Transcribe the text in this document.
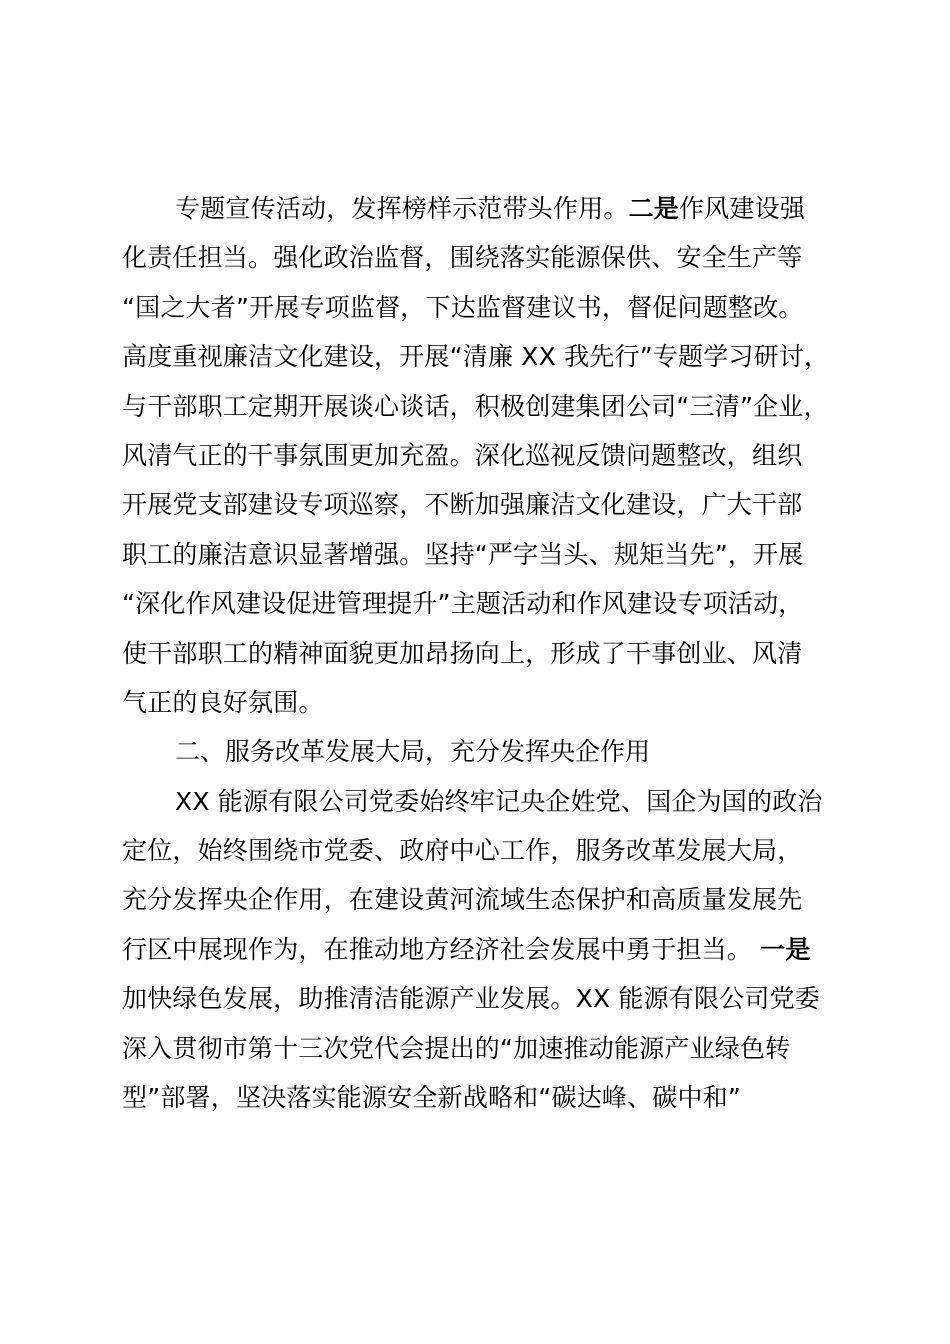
专题宣传活动，发挥榜样示范带头作用。二是作风建设强
化责任担当。强化政治监督，围绕落实能源保供、安全生产等
“国之大者”开展专项监督，下达监督建议书，督促问题整改。
高度重视廉洁文化建设，开展“清廉 XX 我先行”专题学习研讨，
与干部职工定期开展谈心谈话，积极创建集团公司“三清”企业，
风清气正的干事氛围更加充盈。深化巡视反馈问题整改，组织
开展党支部建设专项巡察，不断加强廉洁文化建设，广大干部
职工的廉洁意识显著增强。坚持“严字当头、规矩当先”，开展
“深化作风建设促进管理提升”主题活动和作风建设专项活动，
使干部职工的精神面貌更加昂扬向上，形成了干事创业、风清
气正的良好氛围。
二、服务改革发展大局，充分发挥央企作用
XX 能源有限公司党委始终牢记央企姓党、国企为国的政治
定位，始终围绕市党委、政府中心工作，服务改革发展大局，
充分发挥央企作用，在建设黄河流域生态保护和高质量发展先
行区中展现作为，在推动地方经济社会发展中勇于担当。 一是
加快绿色发展，助推清洁能源产业发展。XX 能源有限公司党委
深入贯彻市第十三次党代会提出的“加速推动能源产业绿色转
型”部署，坚决落实能源安全新战略和“碳达峰、碳中和”
